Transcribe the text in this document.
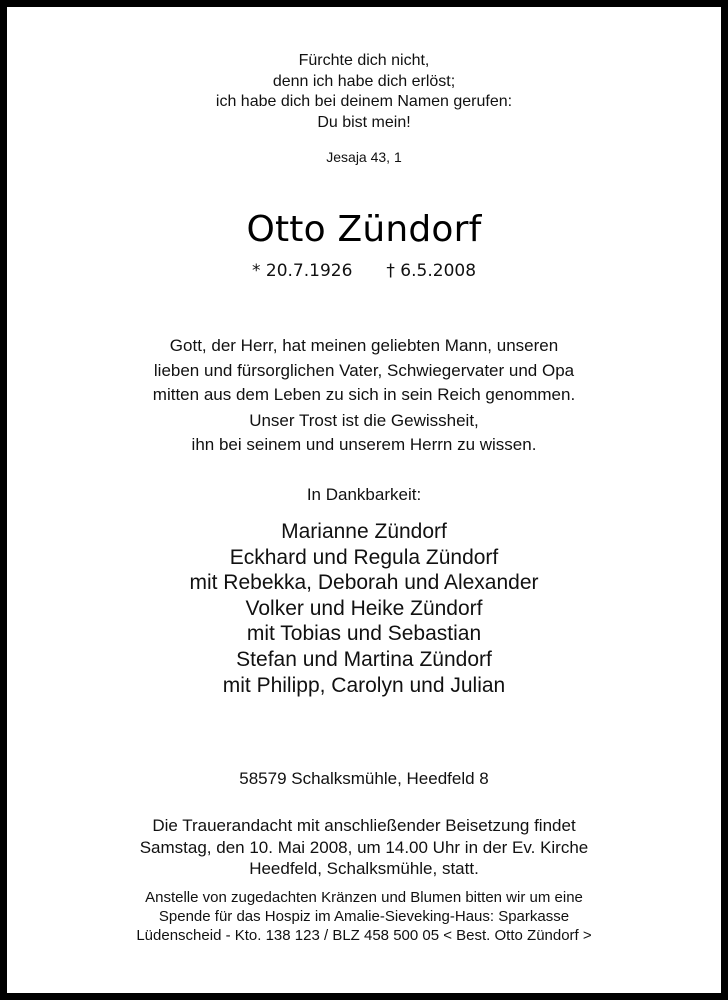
Fürchte dich nicht,
denn ich habe dich erlöst;
ich habe dich bei deinem Namen gerufen:
Du bist mein!
Jesaja 43, 1
Otto Zündorf
* 20.7.1926 † 6.5.2008
Gott, der Herr, hat meinen geliebten Mann, unseren
lieben und fürsorglichen Vater, Schwiegervater und Opa
mitten aus dem Leben zu sich in sein Reich genommen.
Unser Trost ist die Gewissheit,
ihn bei seinem und unserem Herrn zu wissen.
In Dankbarkeit:
Marianne Zündorf
Eckhard und Regula Zündorf
mit Rebekka, Deborah und Alexander
Volker und Heike Zündorf
mit Tobias und Sebastian
Stefan und Martina Zündorf
mit Philipp, Carolyn und Julian
58579 Schalksmühle, Heedfeld 8
Die Trauerandacht mit anschließender Beisetzung findet
Samstag, den 10. Mai 2008, um 14.00 Uhr in der Ev. Kirche
Heedfeld, Schalksmühle, statt.
Anstelle von zugedachten Kränzen und Blumen bitten wir um eine
Spende für das Hospiz im Amalie-Sieveking-Haus: Sparkasse
Lüdenscheid - Kto. 138 123 / BLZ 458 500 05 < Best. Otto Zündorf >
